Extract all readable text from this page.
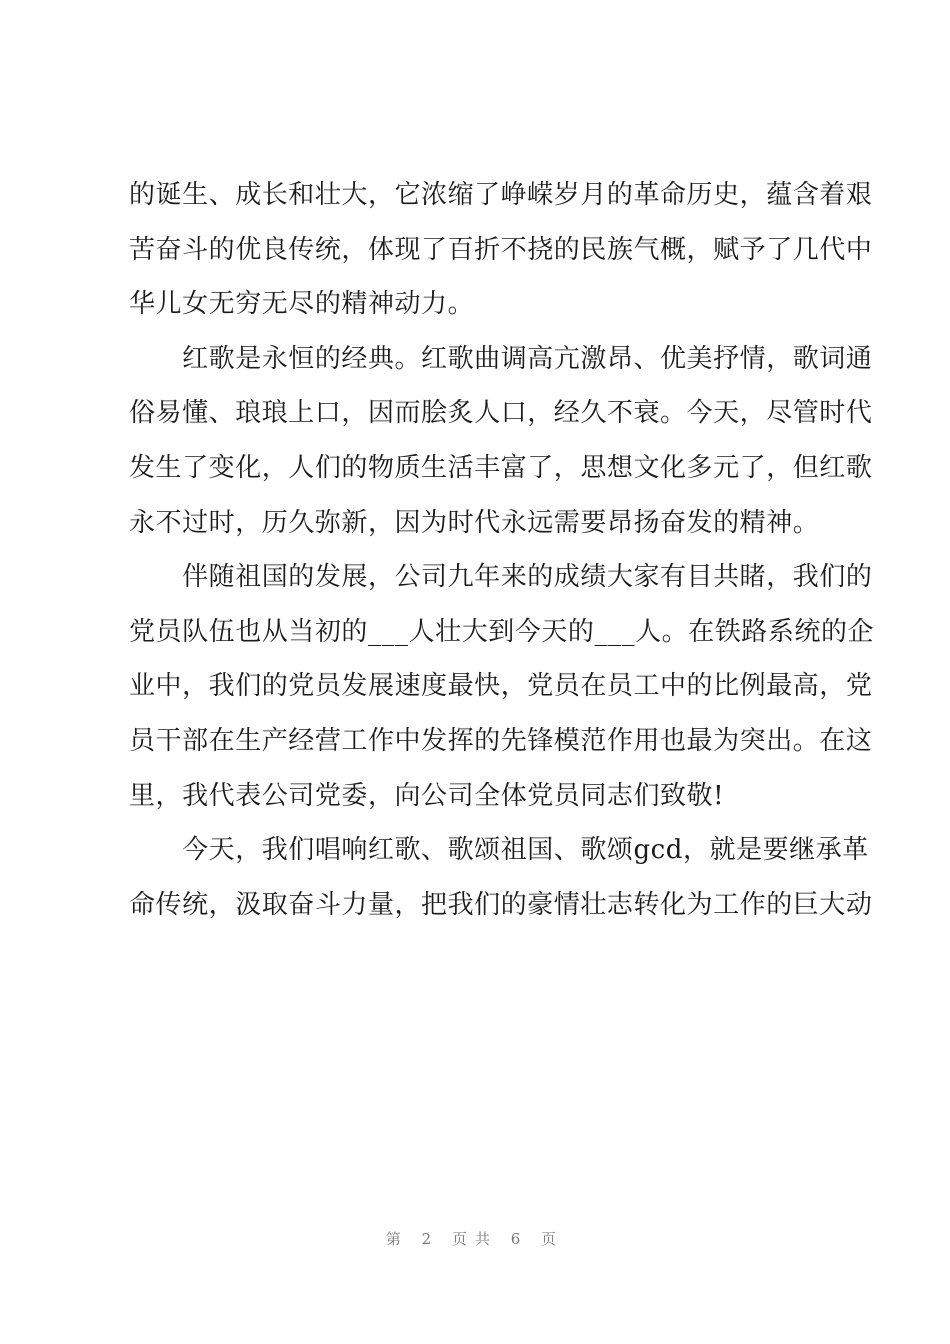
的诞生、成长和壮大，它浓缩了峥嵘岁月的革命历史，蕴含着艰

苦奋斗的优良传统，体现了百折不挠的民族气概，赋予了几代中

华儿女无穷无尽的精神动力。

　　红歌是永恒的经典。红歌曲调高亢激昂、优美抒情，歌词通

俗易懂、琅琅上口，因而脍炙人口，经久不衰。今天，尽管时代

发生了变化，人们的物质生活丰富了，思想文化多元了，但红歌

永不过时，历久弥新，因为时代永远需要昂扬奋发的精神。

　　伴随祖国的发展，公司九年来的成绩大家有目共睹，我们的

党员队伍也从当初的___人壮大到今天的___人。在铁路系统的企

业中，我们的党员发展速度最快，党员在员工中的比例最高，党

员干部在生产经营工作中发挥的先锋模范作用也最为突出。在这

里，我代表公司党委，向公司全体党员同志们致敬!

　　今天，我们唱响红歌、歌颂祖国、歌颂gcd，就是要继承革

命传统，汲取奋斗力量，把我们的豪情壮志转化为工作的巨大动

第 2 页共 6 页
